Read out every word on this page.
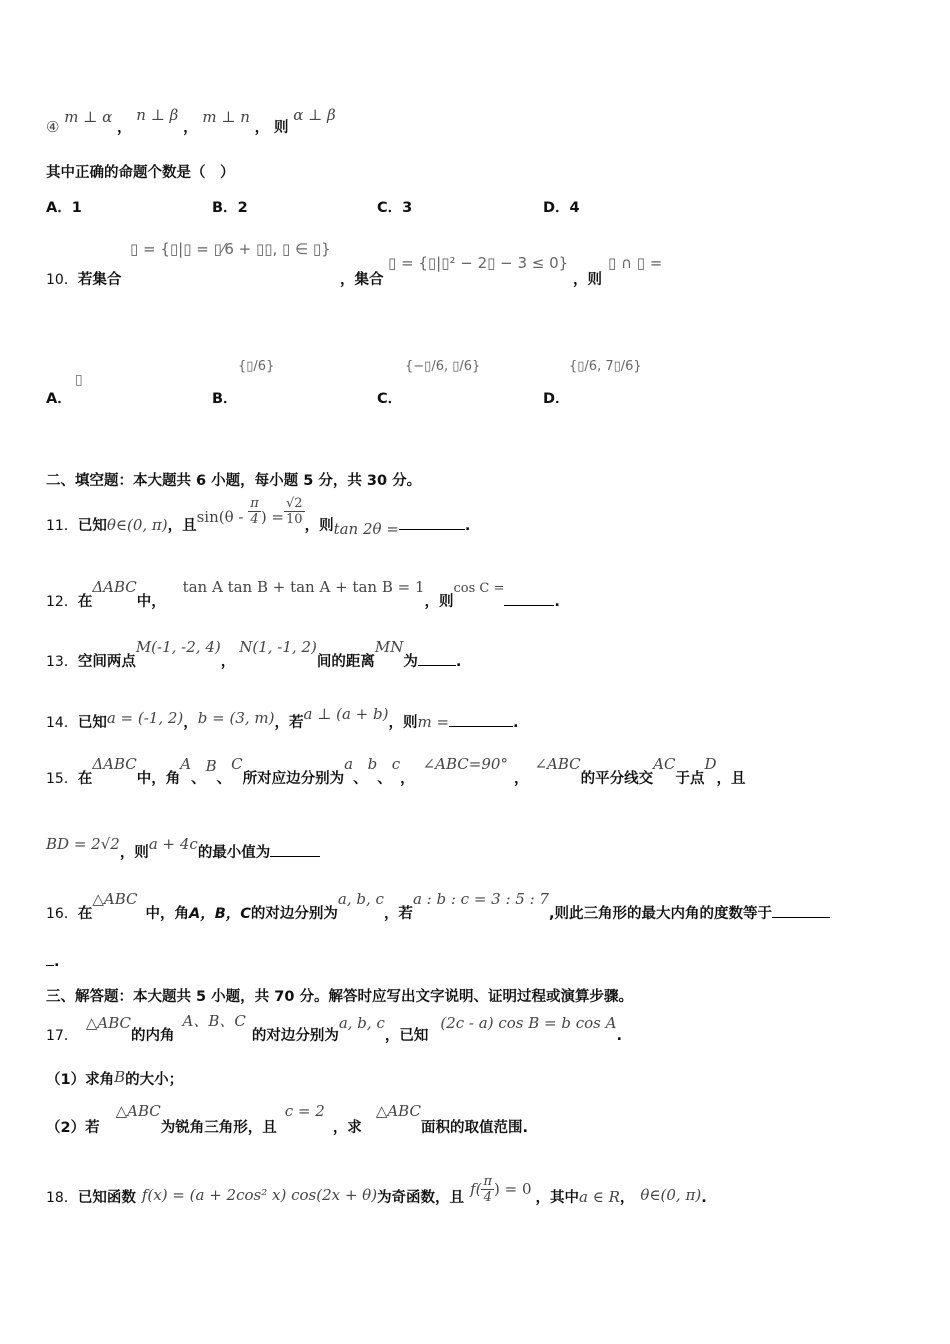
④ m ⊥ α ， n ⊥ β ， m ⊥ n ， 则 α ⊥ β
其中正确的命题个数是（　）
A．1	B．2	C．3	D．4
10．若集合
▯ = {▯|▯ = ▯⁄6 + ▯▯, ▯ ∈ ▯}
，集合
▯ = {▯|▯² − 2▯ − 3 ≤ 0}
，则
▯ ∩ ▯ =
A．
▯
B．
{▯/6}
C．
{−▯/6, ▯/6}
D．
{▯/6, 7▯/6}
二、填空题：本大题共 6 小题，每小题 5 分，共 30 分。
11．已知θ∈(0, π)，且$\sin(\theta - \frac{\pi}{4}$ ) = $\frac{√2}{10}$ ，则tan 2θ =	.
12．在ΔABC中， tan A tan B + tan A + tan B = 1，则cos C =.
13．空间两点M(-1, -2, 4)，N(1, -1, 2)间的距离MN为	.
14．已知a = (-1, 2)，b = (3, m)，若a ⊥ (a + b)，则m =	.
15．在ΔABC中，角A、B、C所对应边分别为a、b、c，∠ABC=90°，∠ABC的平分线交AC于点D，且
BD = 2√2，则a + 4c的最小值为
16．在△ABC中，角A，B，C的对边分别为a, b, c，若a : b : c = 3 : 5 : 7,则此三角形的最大内角的度数等于
.
三、解答题：本大题共 5 小题，共 70 分。解答时应写出文字说明、证明过程或演算步骤。
17．△ABC的内角A、B、C的对边分别为a, b, c，已知(2c - a) cos B = b cos A.
（1）求角B的大小；
（2）若△ABC为锐角三角形，且c = 2，求△ABC面积的取值范围.
18．已知函数 f(x) = (a + 2cos² x) cos(2x + θ)为奇函数，且 $f( \frac{\pi}{4}$ ) = 0 ，其中a ∈ R， θ∈(0, π).
